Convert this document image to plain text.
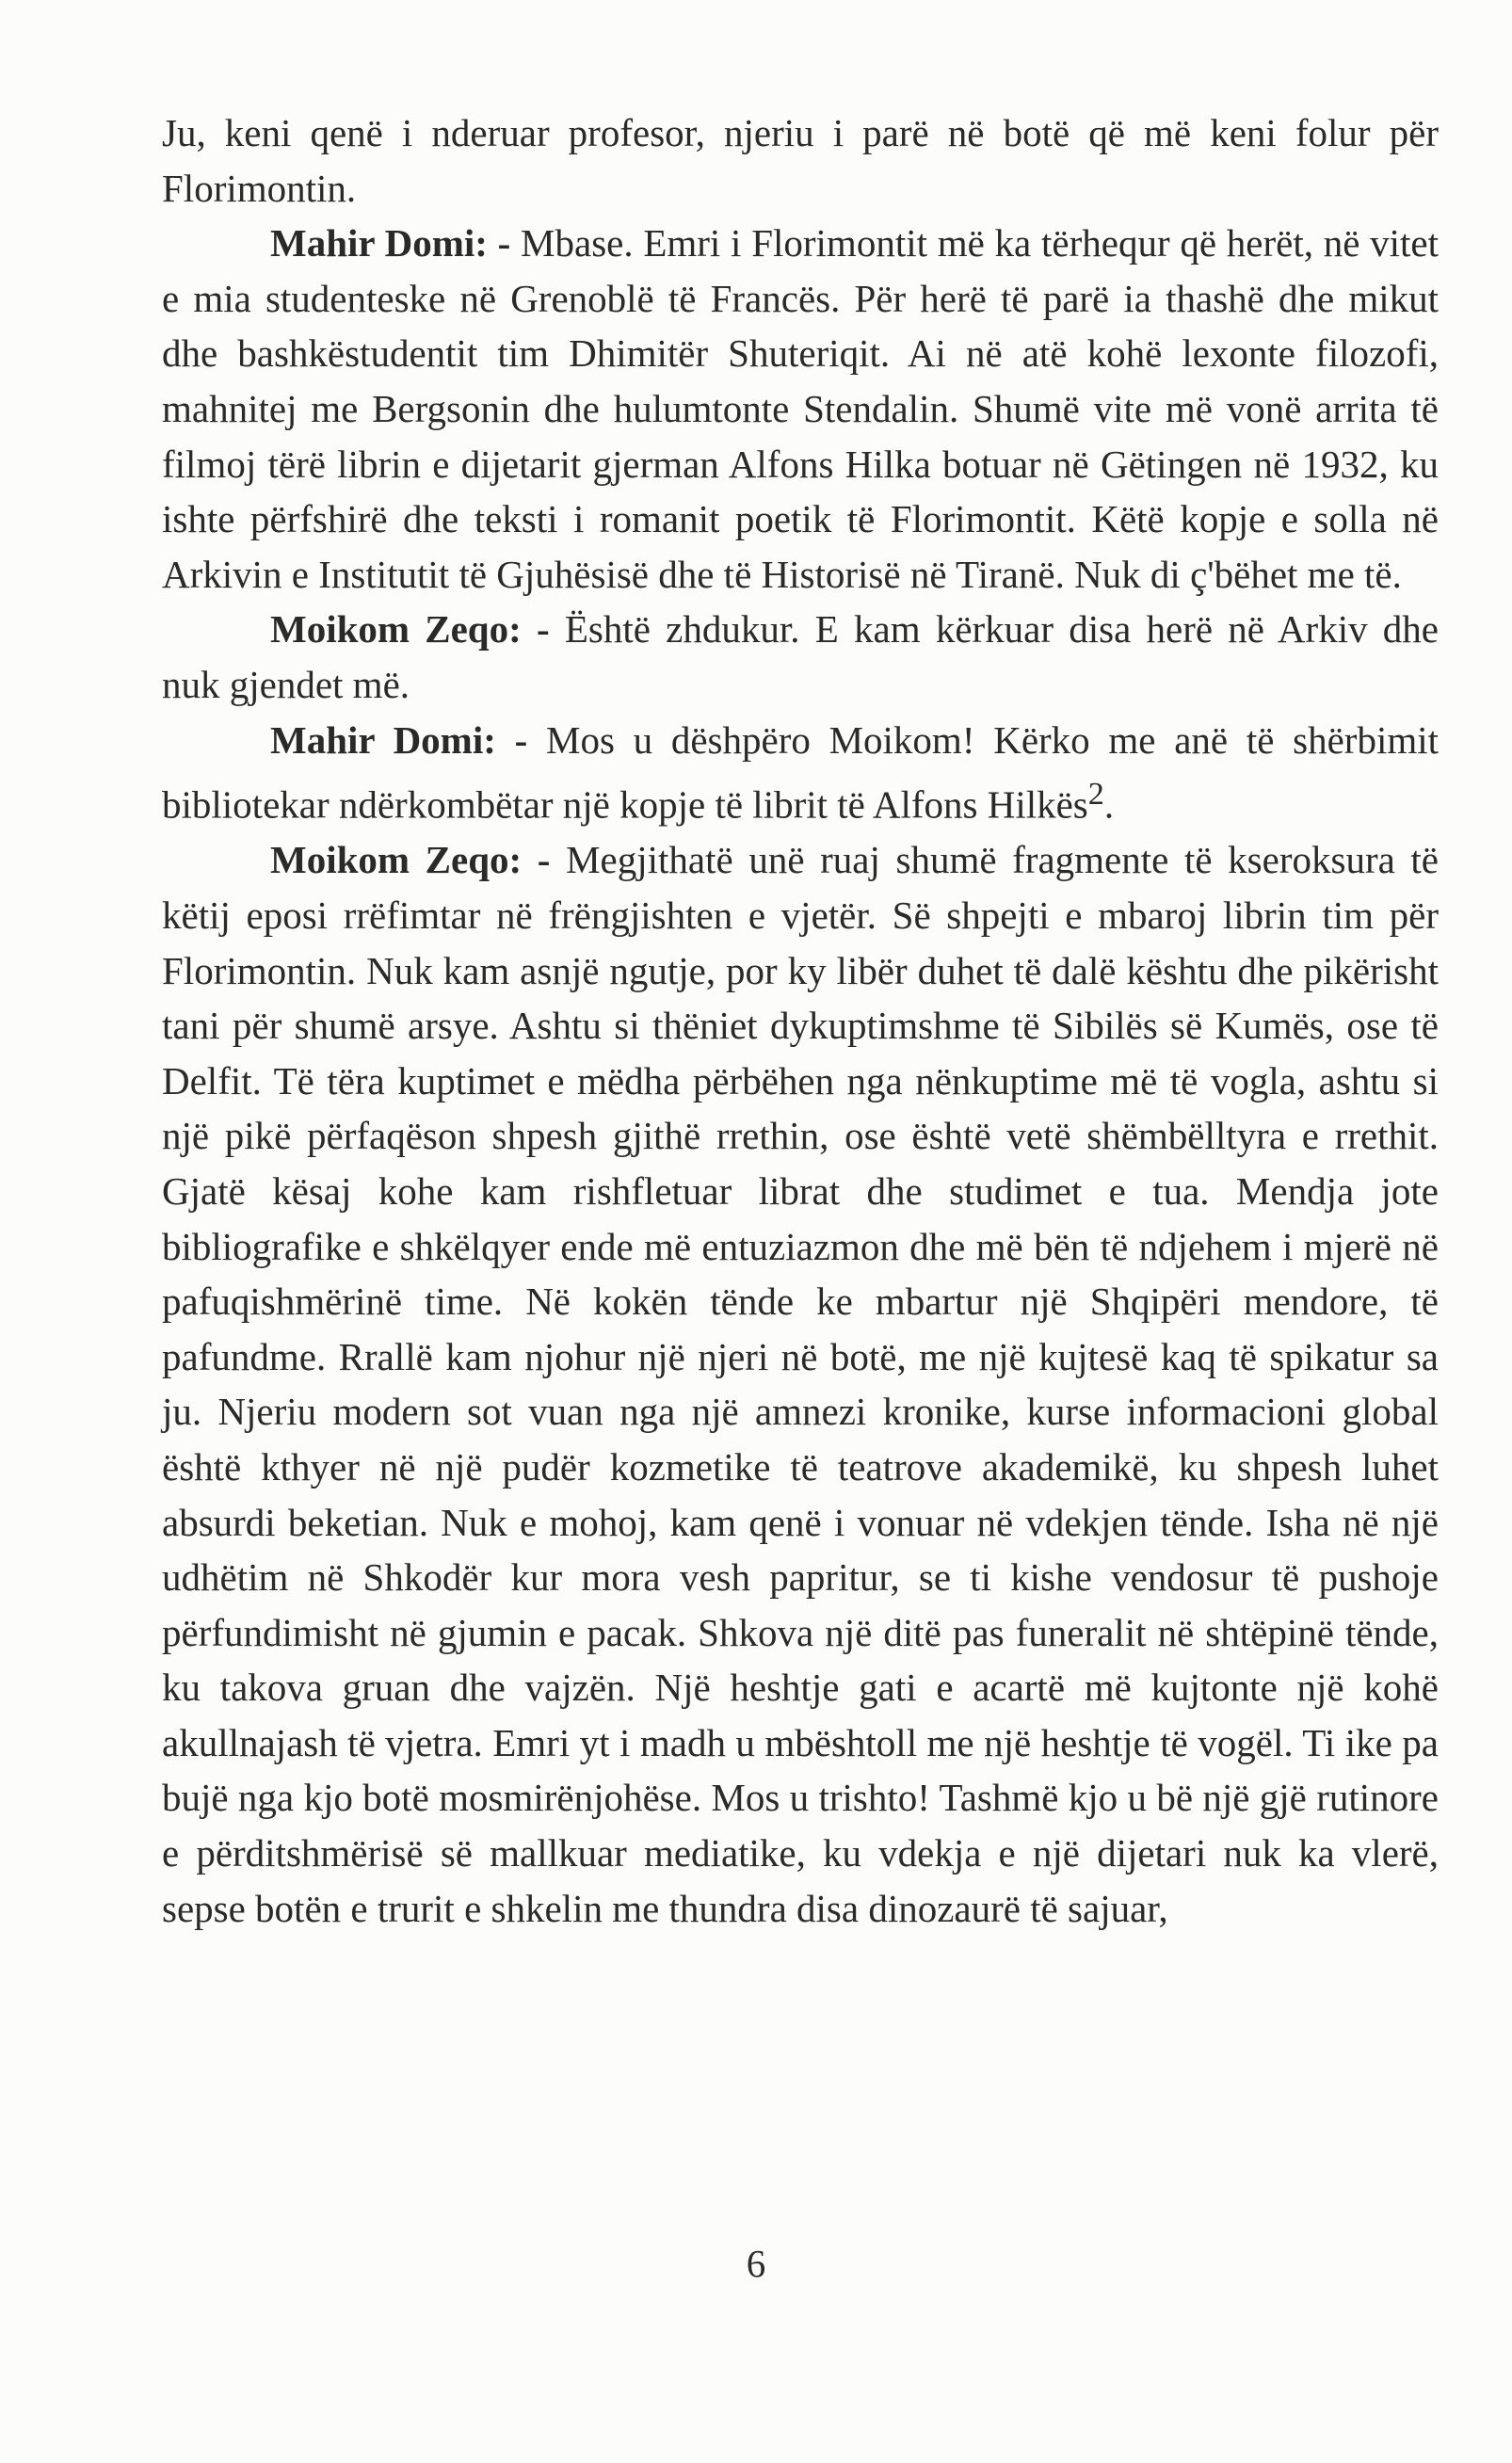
Ju, keni qenë i nderuar profesor, njeriu i parë në botë që më keni folur për Florimontin.

Mahir Domi: - Mbase. Emri i Florimontit më ka tërhequr që herët, në vitet e mia studenteske në Grenoblë të Francës. Për herë të parë ia thashë dhe mikut dhe bashkëstudentit tim Dhimitër Shuteriqit. Ai në atë kohë lexonte filozofi, mahnitej me Bergsonin dhe hulumtonte Stendalin. Shumë vite më vonë arrita të filmoj tërë librin e dijetarit gjerman Alfons Hilka botuar në Gëtingen në 1932, ku ishte përfshirë dhe teksti i romanit poetik të Florimontit. Këtë kopje e solla në Arkivin e Institutit të Gjuhësisë dhe të Historisë në Tiranë. Nuk di ç'bëhet me të.

Moikom Zeqo: - Është zhdukur. E kam kërkuar disa herë në Arkiv dhe nuk gjendet më.

Mahir Domi: - Mos u dëshpëro Moikom! Kërko me anë të shërbimit bibliotekar ndërkombëtar një kopje të librit të Alfons Hilkës$^2$.

Moikom Zeqo: - Megjithatë unë ruaj shumë fragmente të kseroksura të këtij eposi rrëfimtar në frëngjishten e vjetër. Së shpejti e mbaroj librin tim për Florimontin. Nuk kam asnjë ngutje, por ky libër duhet të dalë kështu dhe pikërisht tani për shumë arsye. Ashtu si thëniet dykuptimshme të Sibilës së Kumës, ose të Delfit. Të tëra kuptimet e mëdha përbëhen nga nënkuptime më të vogla, ashtu si një pikë përfaqëson shpesh gjithë rrethin, ose është vetë shëmbëlltyra e rrethit. Gjatë kësaj kohe kam rishfletuar librat dhe studimet e tua. Mendja jote bibliografike e shkëlqyer ende më entuziazmon dhe më bën të ndjehem i mjerë në pafuqishmërinë time. Në kokën tënde ke mbartur një Shqipëri mendore, të pafundme. Rrallë kam njohur një njeri në botë, me një kujtesë kaq të spikatur sa ju. Njeriu modern sot vuan nga një amnezi kronike, kurse informacioni global është kthyer në një pudër kozmetike të teatrove akademikë, ku shpesh luhet absurdi beketian. Nuk e mohoj, kam qenë i vonuar në vdekjen tënde. Isha në një udhëtim në Shkodër kur mora vesh papritur, se ti kishe vendosur të pushoje përfundimisht në gjumin e pacak. Shkova një ditë pas funeralit në shtëpinë tënde, ku takova gruan dhe vajzën. Një heshtje gati e acartë më kujtonte një kohë akullnajash të vjetra. Emri yt i madh u mbështoll me një heshtje të vogël. Ti ike pa bujë nga kjo botë mosmirënjohëse. Mos u trishto! Tashmë kjo u bë një gjë rutinore e përditshmërisë së mallkuar mediatike, ku vdekja e një dijetari nuk ka vlerë, sepse botën e trurit e shkelin me thundra disa dinozaurë të sajuar,

6
